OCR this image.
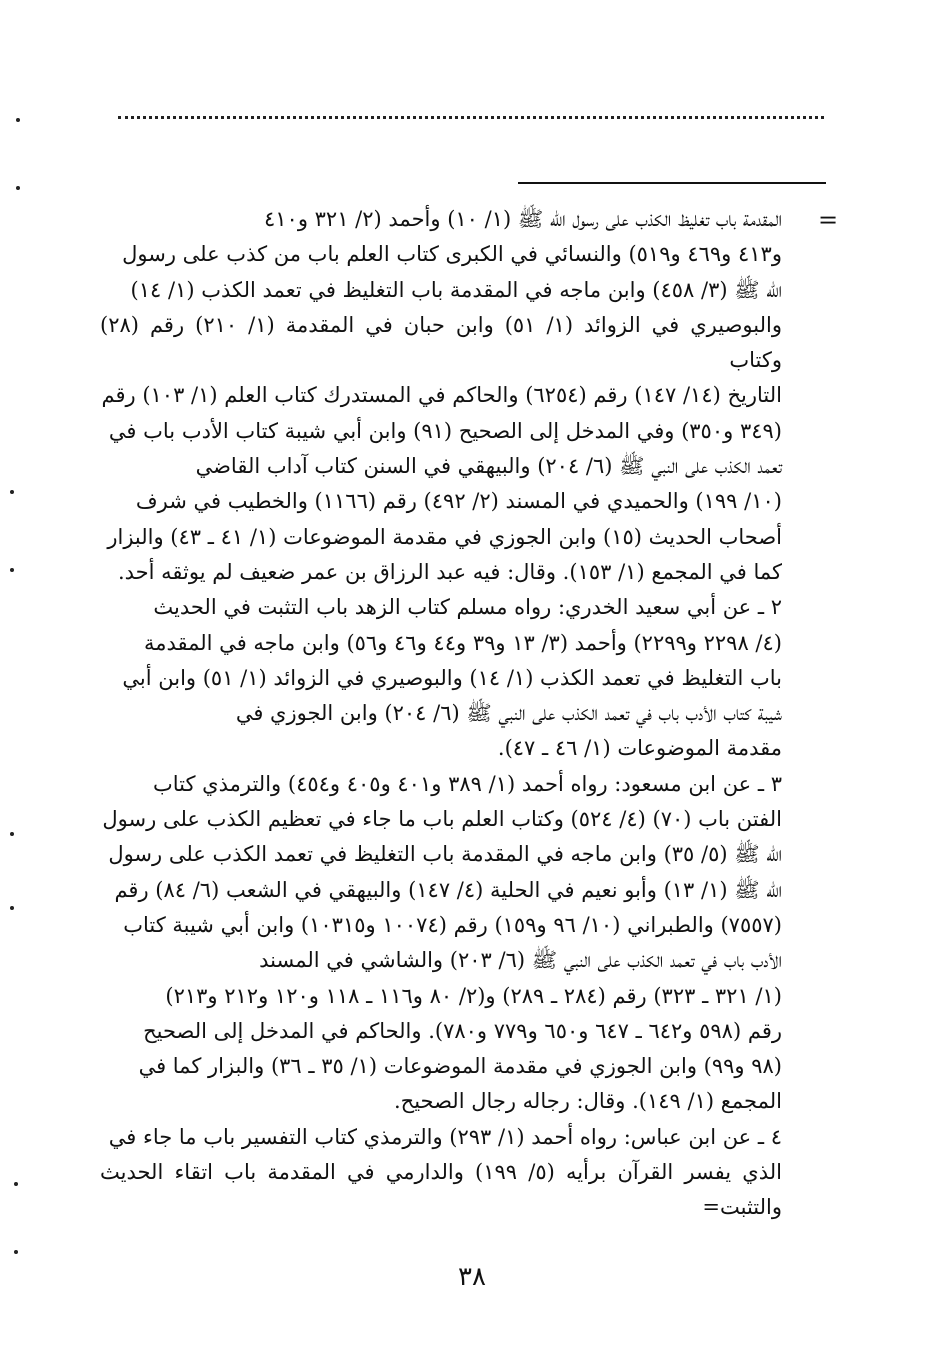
=

المقدمة باب تغليظ الكذب على رسول الله ﷺ (١/ ١٠) وأحمد (٢/ ٣٢١ و٤١٠
و٤١٣ و٤٦٩ و٥١٩) والنسائي في الكبرى كتاب العلم باب من كذب على رسول
الله ﷺ (٣/ ٤٥٨) وابن ماجه في المقدمة باب التغليظ في تعمد الكذب (١/ ١٤)
والبوصيري في الزوائد (١/ ٥١) وابن حبان في المقدمة (١/ ٢١٠) رقم (٢٨) وكتاب
التاريخ (١٤/ ١٤٧) رقم (٦٢٥٤) والحاكم في المستدرك كتاب العلم (١/ ١٠٣) رقم
(٣٤٩ و٣٥٠) وفي المدخل إلى الصحيح (٩١) وابن أبي شيبة كتاب الأدب باب في
تعمد الكذب على النبي ﷺ (٦/ ٢٠٤) والبيهقي في السنن كتاب آداب القاضي
(١٠/ ١٩٩) والحميدي في المسند (٢/ ٤٩٢) رقم (١١٦٦) والخطيب في شرف
أصحاب الحديث (١٥) وابن الجوزي في مقدمة الموضوعات (١/ ٤١ ـ ٤٣) والبزار
كما في المجمع (١/ ١٥٣). وقال: فيه عبد الرزاق بن عمر ضعيف لم يوثقه أحد.

٢ ـ عن أبي سعيد الخدري: رواه مسلم كتاب الزهد باب التثبت في الحديث
(٤/ ٢٢٩٨ و٢٢٩٩) وأحمد (٣/ ١٣ و٣٩ و٤٤ و٤٦ و٥٦) وابن ماجه في المقدمة
باب التغليظ في تعمد الكذب (١/ ١٤) والبوصيري في الزوائد (١/ ٥١) وابن أبي
شيبة كتاب الأدب باب في تعمد الكذب على النبي ﷺ (٦/ ٢٠٤) وابن الجوزي في
مقدمة الموضوعات (١/ ٤٦ ـ ٤٧).

٣ ـ عن ابن مسعود: رواه أحمد (١/ ٣٨٩ و٤٠١ و٤٠٥ و٤٥٤) والترمذي كتاب
الفتن باب (٧٠) (٤/ ٥٢٤) وكتاب العلم باب ما جاء في تعظيم الكذب على رسول
الله ﷺ (٥/ ٣٥) وابن ماجه في المقدمة باب التغليظ في تعمد الكذب على رسول
الله ﷺ (١/ ١٣) وأبو نعيم في الحلية (٤/ ١٤٧) والبيهقي في الشعب (٦/ ٨٤) رقم
(٧٥٥٧) والطبراني (١٠/ ٩٦ و١٥٩) رقم (١٠٠٧٤ و١٠٣١٥) وابن أبي شيبة كتاب
الأدب باب في تعمد الكذب على النبي ﷺ (٦/ ٢٠٣) والشاشي في المسند
(١/ ٣٢١ ـ ٣٢٣) رقم (٢٨٤ ـ ٢٨٩) و(٢/ ٨٠ و١١٦ ـ ١١٨ و١٢٠ و٢١٢ و٢١٣)
رقم (٥٩٨ و٦٤٢ ـ ٦٤٧ و٦٥٠ و٧٧٩ و٧٨٠). والحاكم في المدخل إلى الصحيح
(٩٨ و٩٩) وابن الجوزي في مقدمة الموضوعات (١/ ٣٥ ـ ٣٦) والبزار كما في
المجمع (١/ ١٤٩). وقال: رجاله رجال الصحيح.

٤ ـ عن ابن عباس: رواه أحمد (١/ ٢٩٣) والترمذي كتاب التفسير باب ما جاء في
الذي يفسر القرآن برأيه (٥/ ١٩٩) والدارمي في المقدمة باب اتقاء الحديث والتثبت=

٣٨
